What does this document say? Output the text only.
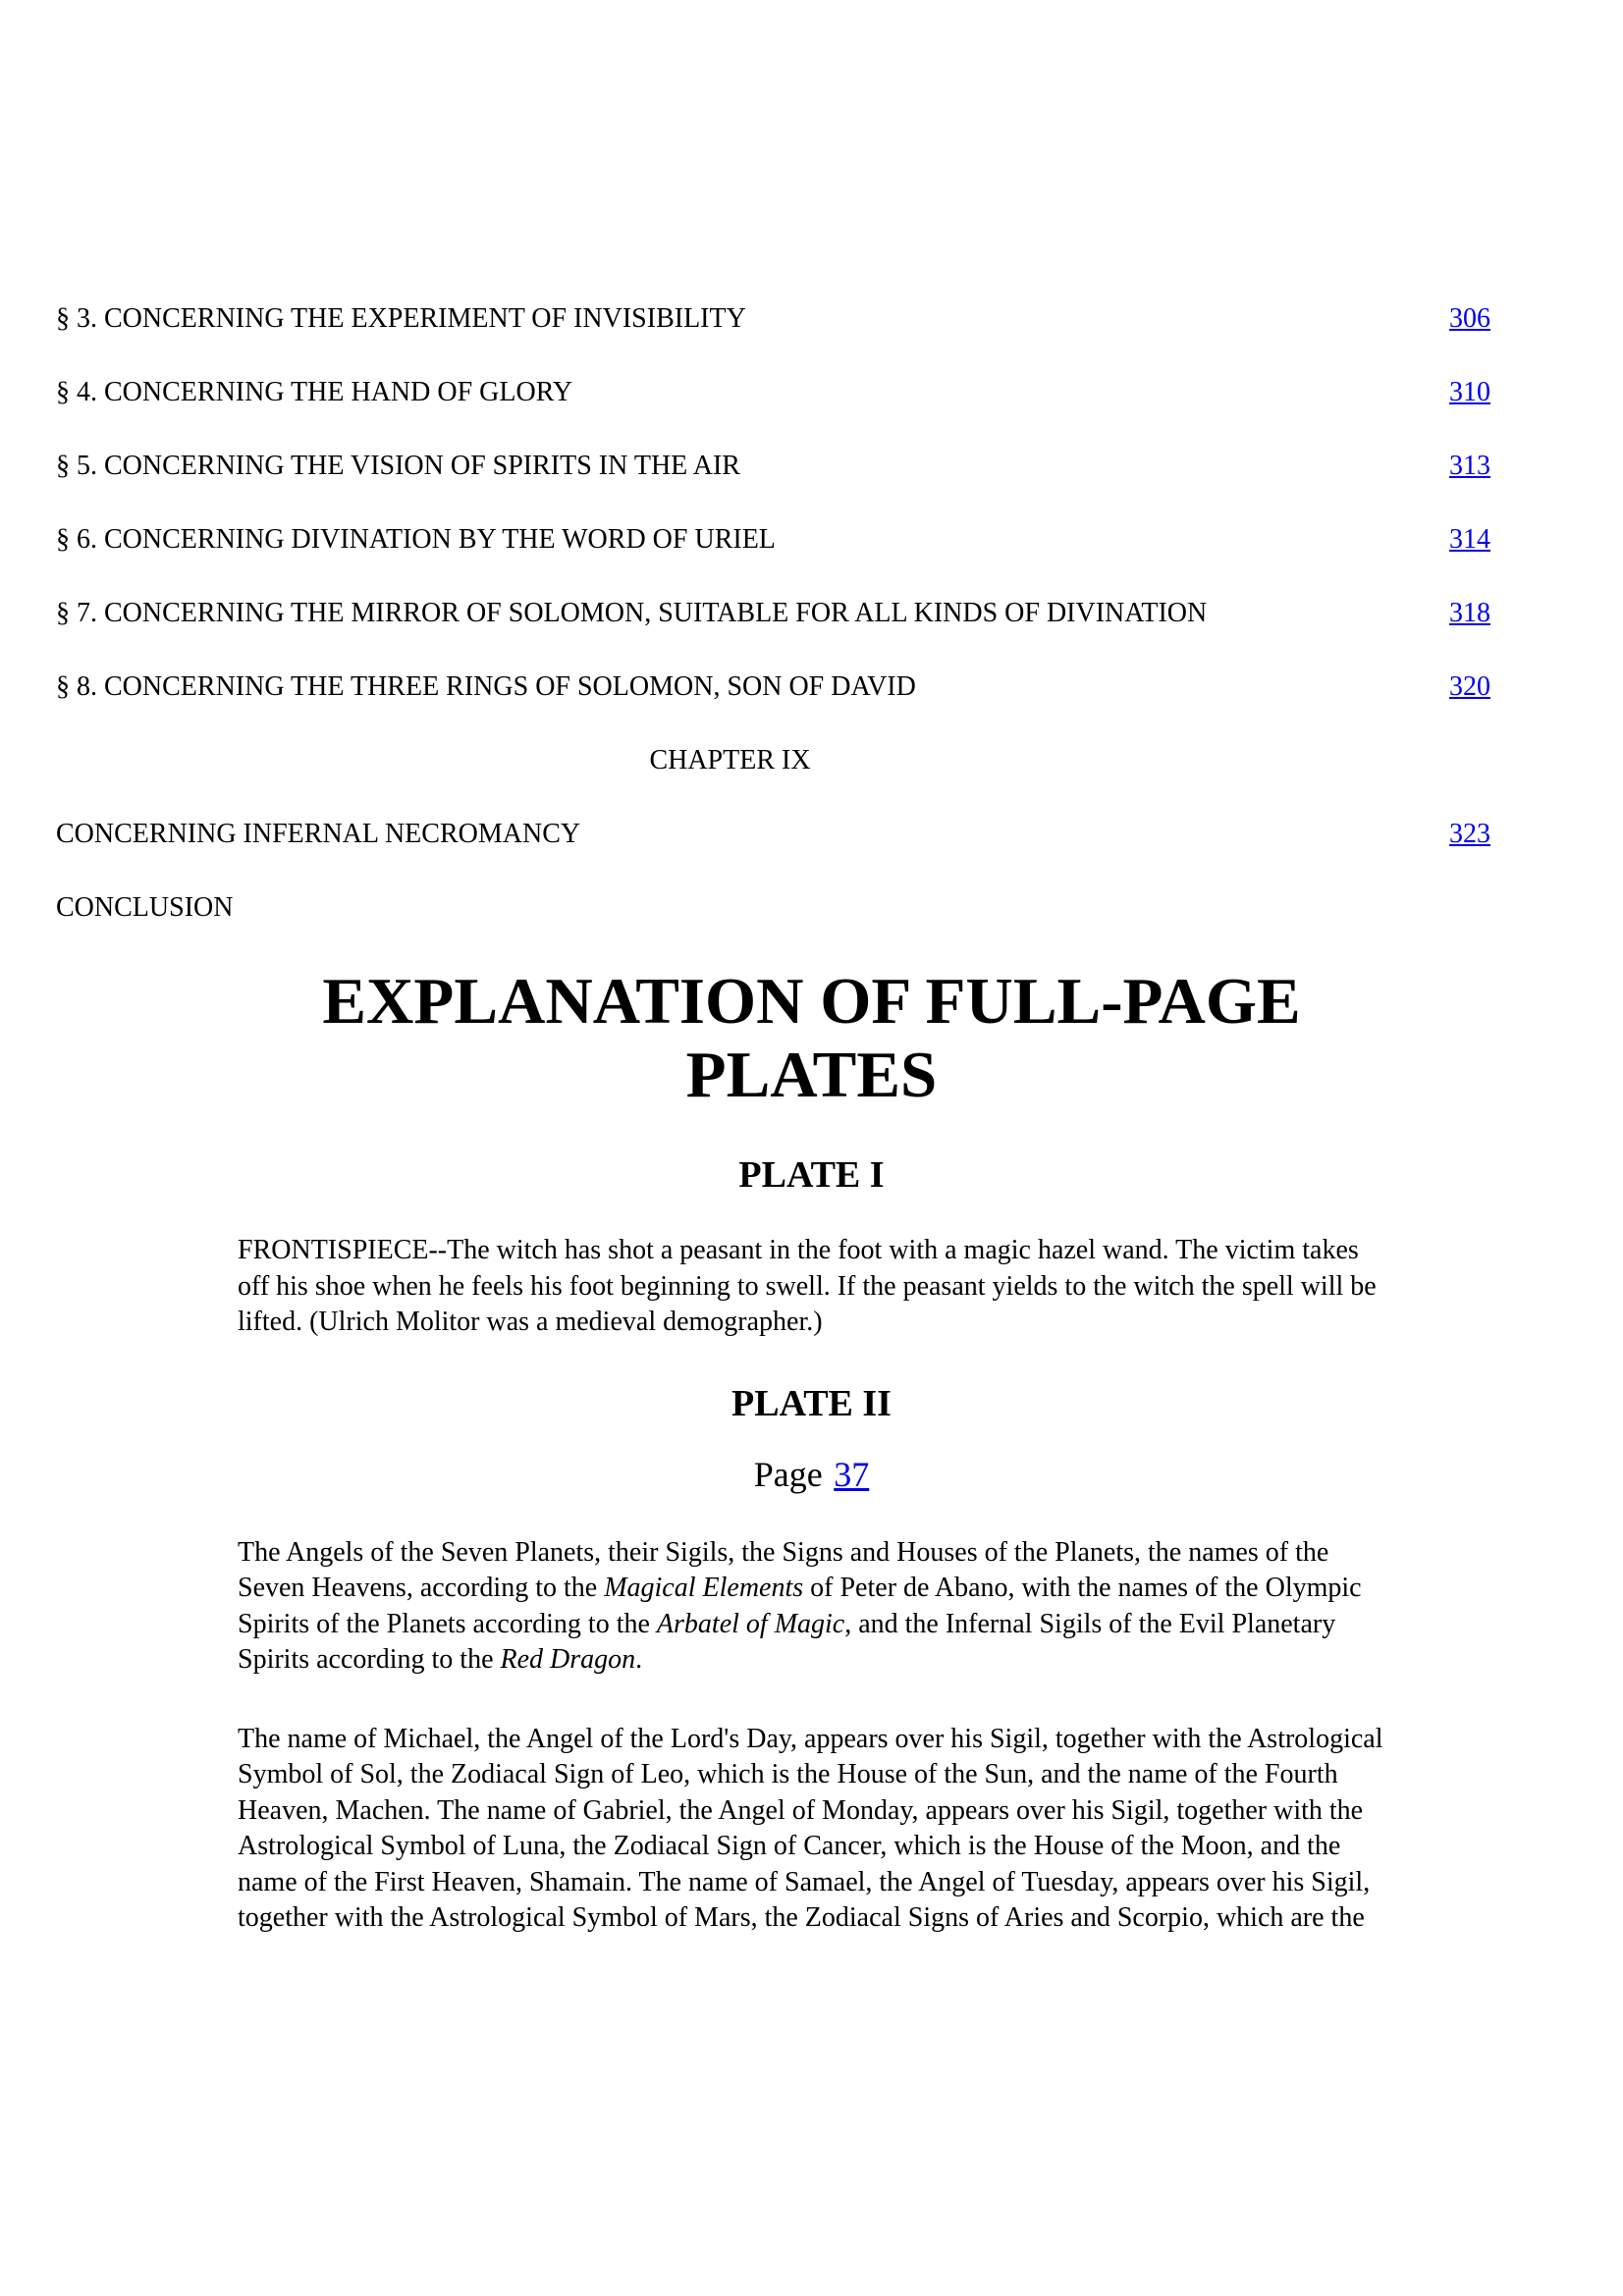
§ 3. CONCERNING THE EXPERIMENT OF INVISIBILITY	306
§ 4. CONCERNING THE HAND OF GLORY	310
§ 5. CONCERNING THE VISION OF SPIRITS IN THE AIR	313
§ 6. CONCERNING DIVINATION BY THE WORD OF URIEL	314
§ 7. CONCERNING THE MIRROR OF SOLOMON, SUITABLE FOR ALL KINDS OF DIVINATION	318
§ 8. CONCERNING THE THREE RINGS OF SOLOMON, SON OF DAVID	320
CHAPTER IX
CONCERNING INFERNAL NECROMANCY	323
CONCLUSION
EXPLANATION OF FULL-PAGE PLATES
PLATE I

FRONTISPIECE--The witch has shot a peasant in the foot with a magic hazel wand. The victim takes off his shoe when he feels his foot beginning to swell. If the peasant yields to the witch the spell will be lifted. (Ulrich Molitor was a medieval demographer.)

PLATE II

Page 37

The Angels of the Seven Planets, their Sigils, the Signs and Houses of the Planets, the names of the Seven Heavens, according to the Magical Elements of Peter de Abano, with the names of the Olympic Spirits of the Planets according to the Arbatel of Magic, and the Infernal Sigils of the Evil Planetary Spirits according to the Red Dragon.

The name of Michael, the Angel of the Lord's Day, appears over his Sigil, together with the Astrological Symbol of Sol, the Zodiacal Sign of Leo, which is the House of the Sun, and the name of the Fourth Heaven, Machen. The name of Gabriel, the Angel of Monday, appears over his Sigil, together with the Astrological Symbol of Luna, the Zodiacal Sign of Cancer, which is the House of the Moon, and the name of the First Heaven, Shamain. The name of Samael, the Angel of Tuesday, appears over his Sigil, together with the Astrological Symbol of Mars, the Zodiacal Signs of Aries and Scorpio, which are the
